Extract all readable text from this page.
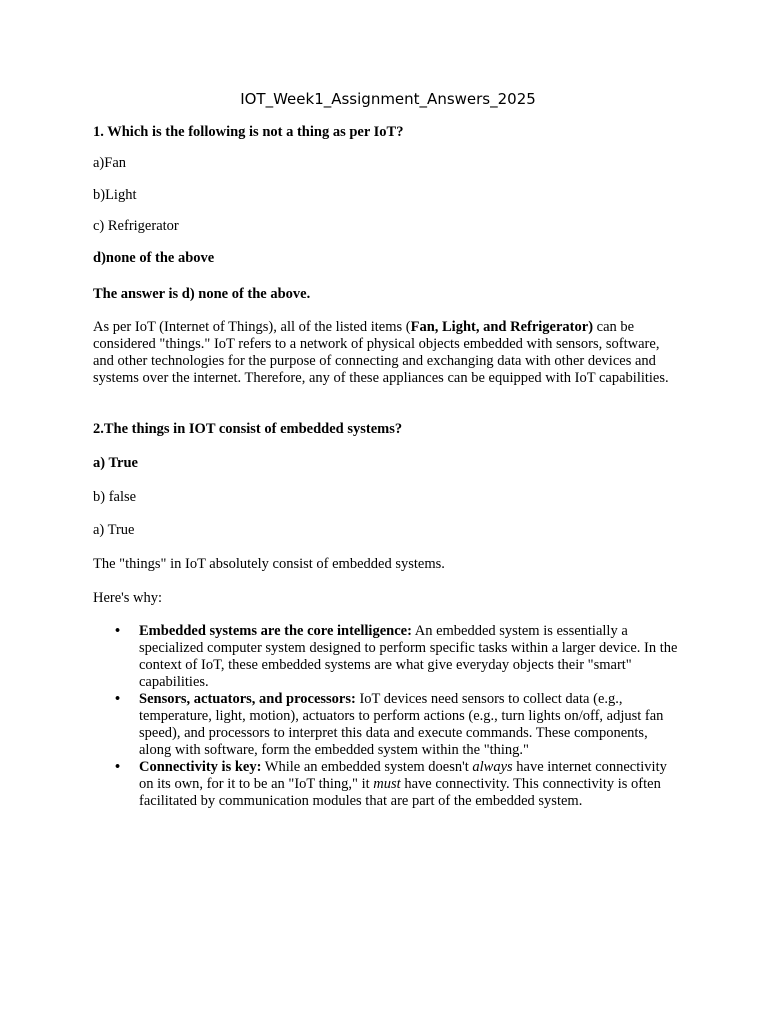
IOT_Week1_Assignment_Answers_2025
1. Which is the following is not a thing as per IoT?
a)Fan
b)Light
c) Refrigerator
d)none of the above
The answer is d) none of the above.
As per IoT (Internet of Things), all of the listed items (Fan, Light, and Refrigerator) can be considered "things." IoT refers to a network of physical objects embedded with sensors, software, and other technologies for the purpose of connecting and exchanging data with other devices and systems over the internet. Therefore, any of these appliances can be equipped with IoT capabilities.
2.The things in IOT consist of embedded systems?
a) True
b) false
a) True
The "things" in IoT absolutely consist of embedded systems.
Here's why:
• Embedded systems are the core intelligence: An embedded system is essentially a specialized computer system designed to perform specific tasks within a larger device. In the context of IoT, these embedded systems are what give everyday objects their "smart" capabilities.
• Sensors, actuators, and processors: IoT devices need sensors to collect data (e.g., temperature, light, motion), actuators to perform actions (e.g., turn lights on/off, adjust fan speed), and processors to interpret this data and execute commands. These components, along with software, form the embedded system within the "thing."
• Connectivity is key: While an embedded system doesn't always have internet connectivity on its own, for it to be an "IoT thing," it must have connectivity. This connectivity is often facilitated by communication modules that are part of the embedded system.
